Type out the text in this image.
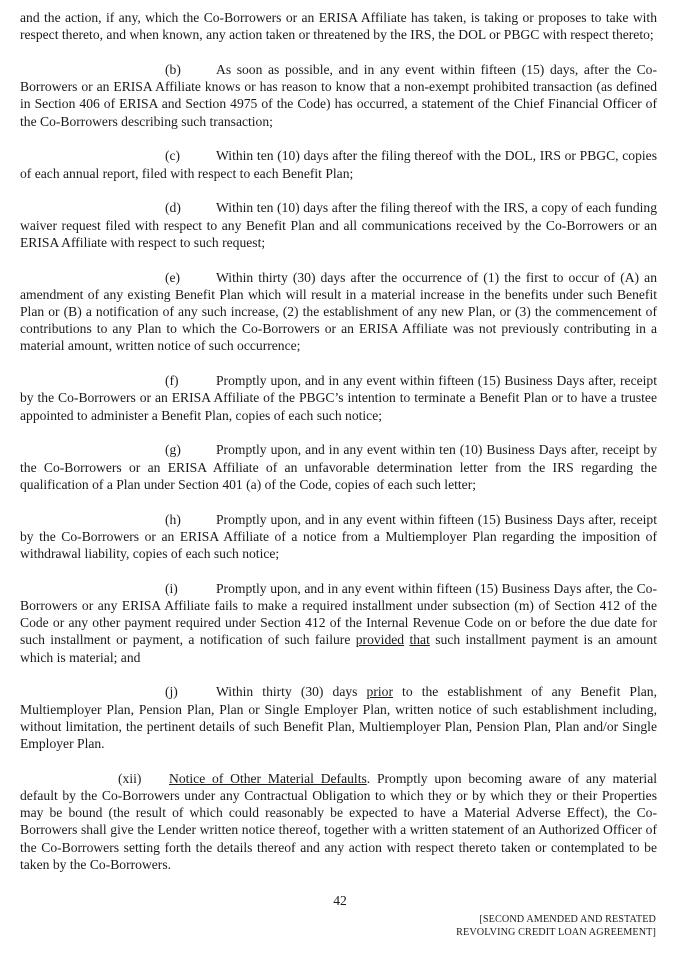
and the action, if any, which the Co-Borrowers or an ERISA Affiliate has taken, is taking or proposes to take with respect thereto, and when known, any action taken or threatened by the IRS, the DOL or PBGC with respect thereto;

(b)	As soon as possible, and in any event within fifteen (15) days, after the Co-Borrowers or an ERISA Affiliate knows or has reason to know that a non-exempt prohibited transaction (as defined in Section 406 of ERISA and Section 4975 of the Code) has occurred, a statement of the Chief Financial Officer of the Co-Borrowers describing such transaction;

(c)	Within ten (10) days after the filing thereof with the DOL, IRS or PBGC, copies of each annual report, filed with respect to each Benefit Plan;

(d)	Within ten (10) days after the filing thereof with the IRS, a copy of each funding waiver request filed with respect to any Benefit Plan and all communications received by the Co-Borrowers or an ERISA Affiliate with respect to such request;

(e)	Within thirty (30) days after the occurrence of (1) the first to occur of (A) an amendment of any existing Benefit Plan which will result in a material increase in the benefits under such Benefit Plan or (B) a notification of any such increase, (2) the establishment of any new Plan, or (3) the commencement of contributions to any Plan to which the Co-Borrowers or an ERISA Affiliate was not previously contributing in a material amount, written notice of such occurrence;

(f)	Promptly upon, and in any event within fifteen (15) Business Days after, receipt by the Co-Borrowers or an ERISA Affiliate of the PBGC’s intention to terminate a Benefit Plan or to have a trustee appointed to administer a Benefit Plan, copies of each such notice;

(g)	Promptly upon, and in any event within ten (10) Business Days after, receipt by the Co-Borrowers or an ERISA Affiliate of an unfavorable determination letter from the IRS regarding the qualification of a Plan under Section 401 (a) of the Code, copies of each such letter;

(h)	Promptly upon, and in any event within fifteen (15) Business Days after, receipt by the Co-Borrowers or an ERISA Affiliate of a notice from a Multiemployer Plan regarding the imposition of withdrawal liability, copies of each such notice;

(i)	Promptly upon, and in any event within fifteen (15) Business Days after, the Co-Borrowers or any ERISA Affiliate fails to make a required installment under subsection (m) of Section 412 of the Code or any other payment required under Section 412 of the Internal Revenue Code on or before the due date for such installment or payment, a notification of such failure provided that such installment payment is an amount which is material; and

(j)	Within thirty (30) days prior to the establishment of any Benefit Plan, Multiemployer Plan, Pension Plan, Plan or Single Employer Plan, written notice of such establishment including, without limitation, the pertinent details of such Benefit Plan, Multiemployer Plan, Pension Plan, Plan and/or Single Employer Plan.

(xii) Notice of Other Material Defaults. Promptly upon becoming aware of any material default by the Co-Borrowers under any Contractual Obligation to which they or by which they or their Properties may be bound (the result of which could reasonably be expected to have a Material Adverse Effect), the Co-Borrowers shall give the Lender written notice thereof, together with a written statement of an Authorized Officer of the Co-Borrowers setting forth the details thereof and any action with respect thereto taken or contemplated to be taken by the Co-Borrowers.

42
[SECOND AMENDED AND RESTATED
REVOLVING CREDIT LOAN AGREEMENT]
